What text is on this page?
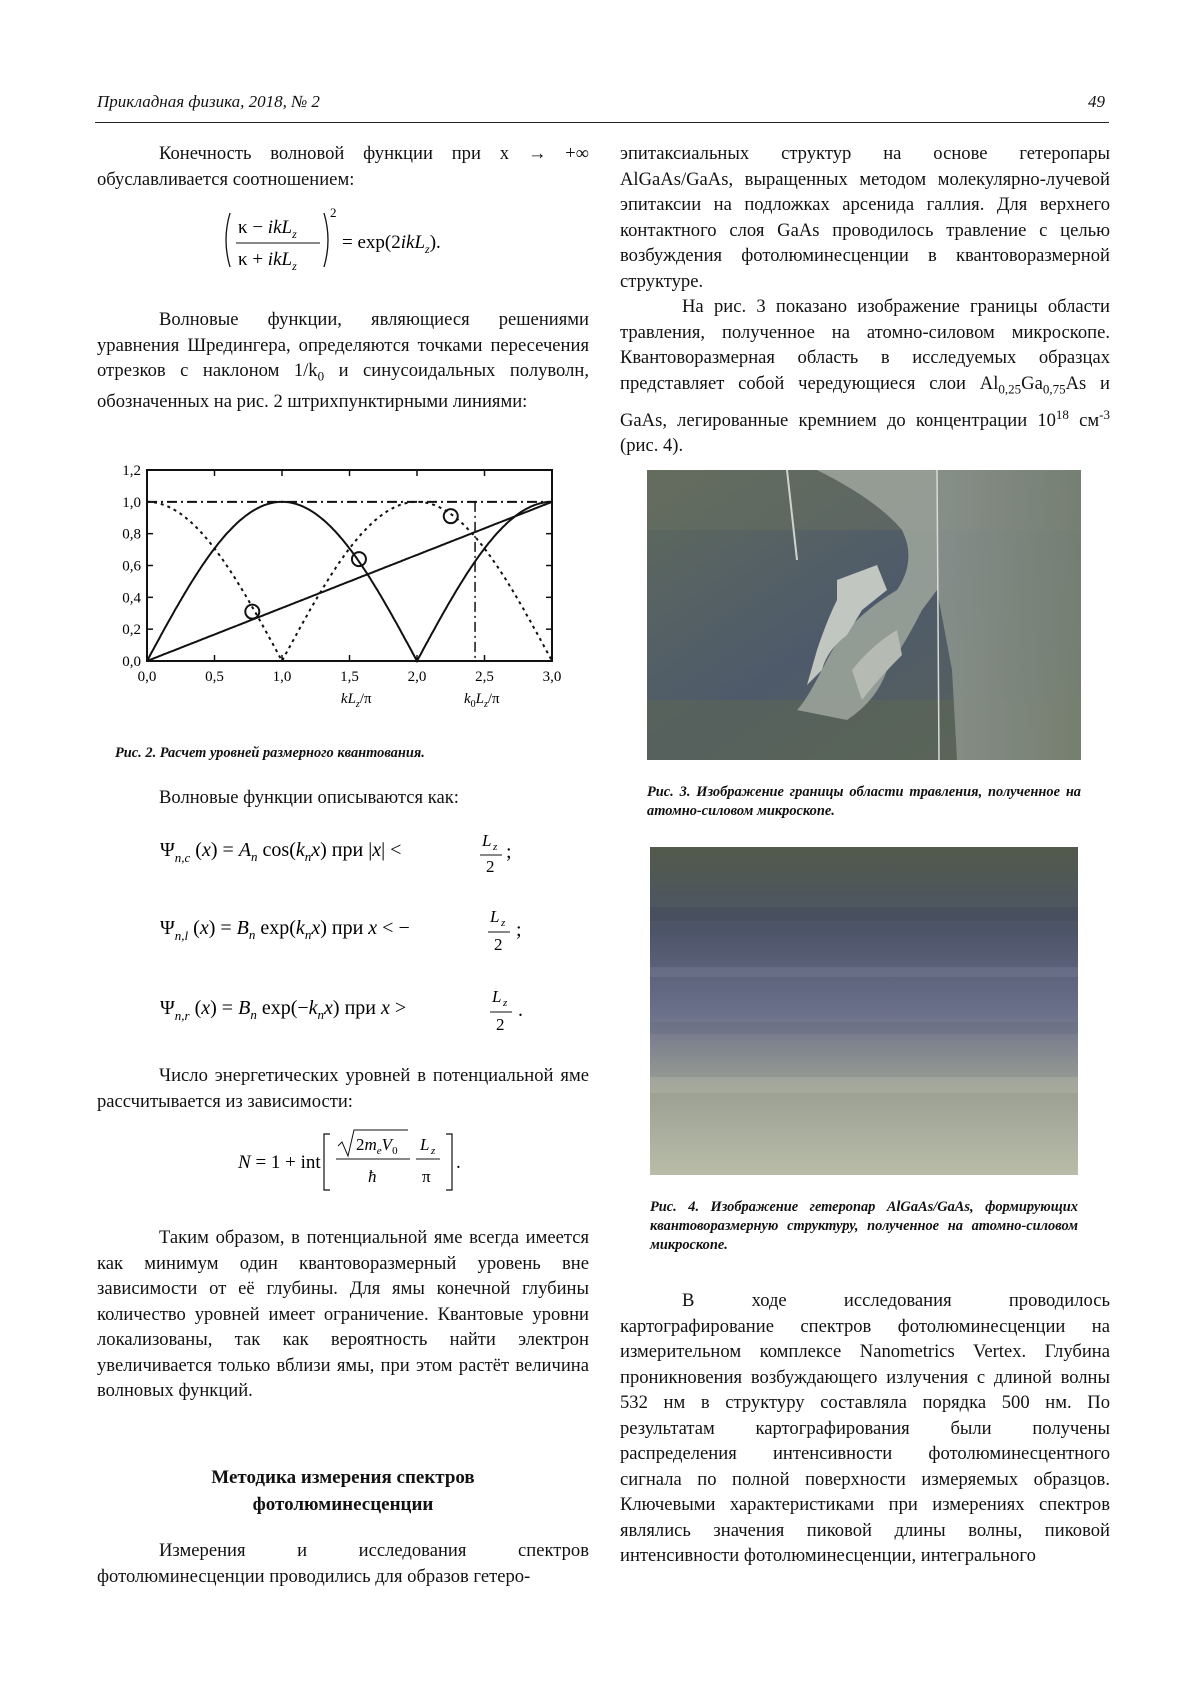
Прикладная физика, 2018, № 2	49

Конечность волновой функции при x → +∞ обуславливается соотношением:

κ − ikL$_z$
κ + ikL$_z$
2
= exp(2ikL$_z$).

Волновые функции, являющиеся решениями уравнения Шредингера, определяются точками пересечения отрезков с наклоном $1/k_0$ и синусоидальных полуволн, обозначенных на рис. 2 штрихпунктирными линиями:

0,0
0,2
0,4
0,6
0,8
1,0
1,2
0,0	0,5	1,0	1,5	2,0	2,5	3,0
$kL_z/\pi$	$k_0L_z/\pi$
Рис. 2. Расчет уровней размерного квантования.

Волновые функции описываются как:

$\Psi_{n,c}$ $(x) = A_n$ $\cos(k_nx)$ при |x| <	L z
2
;
$\Psi_{n,l}$ $(x) = B_n$ $\exp(k_nx)$ при x < −
L z
2
;
$\Psi_{n,r}$ $(x) = B_n$ $\exp(-k_nx)$ при x >
L z
2
.

Число энергетических уровней в потенциальной яме рассчитывается из зависимости:

N = 1 + int
$2m_eV_0$
ħ
L z
π
.

Таким образом, в потенциальной яме всегда имеется как минимум один квантоворазмерный уровень вне зависимости от её глубины. Для ямы конечной глубины количество уровней имеет ограничение. Квантовые уровни локализованы, так как вероятность найти электрон увеличивается только вблизи ямы, при этом растёт величина волновых функций.

Методика измерения спектров
фотолюминесценции

Измерения и исследования спектров фотолюминесценции проводились для образов гетеро-

эпитаксиальных структур на основе гетеропары AlGaAs/GaAs, выращенных методом молекулярно-лучевой эпитаксии на подложках арсенида галлия. Для верхнего контактного слоя GaAs проводилось травление с целью возбуждения фотолюминесценции в квантоворазмерной структуре.

На рис. 3 показано изображение границы области травления, полученное на атомно-силовом микроскопе. Квантоворазмерная область в исследуемых образцах представляет собой чередующиеся слои $Al_{0,25}Ga_{0,75}As$ и GaAs, легированные кремнием до концентрации $10^{18}$ $см^{-3}$ (рис. 4).

Рис. 3. Изображение границы области травления, полученное на атомно-силовом микроскопе.
Рис. 4. Изображение гетеропар AlGaAs/GaAs, формирующих квантоворазмерную структуру, полученное на атомно-силовом микроскопе.

В ходе исследования проводилось картографирование спектров фотолюминесценции на измерительном комплексе Nanometrics Vertex. Глубина проникновения возбуждающего излучения с длиной волны 532 нм в структуру составляла порядка 500 нм. По результатам картографирования были получены распределения интенсивности фотолюминесцентного сигнала по полной поверхности измеряемых образцов. Ключевыми характеристиками при измерениях спектров являлись значения пиковой длины волны, пиковой интенсивности фотолюминесценции, интегрального
